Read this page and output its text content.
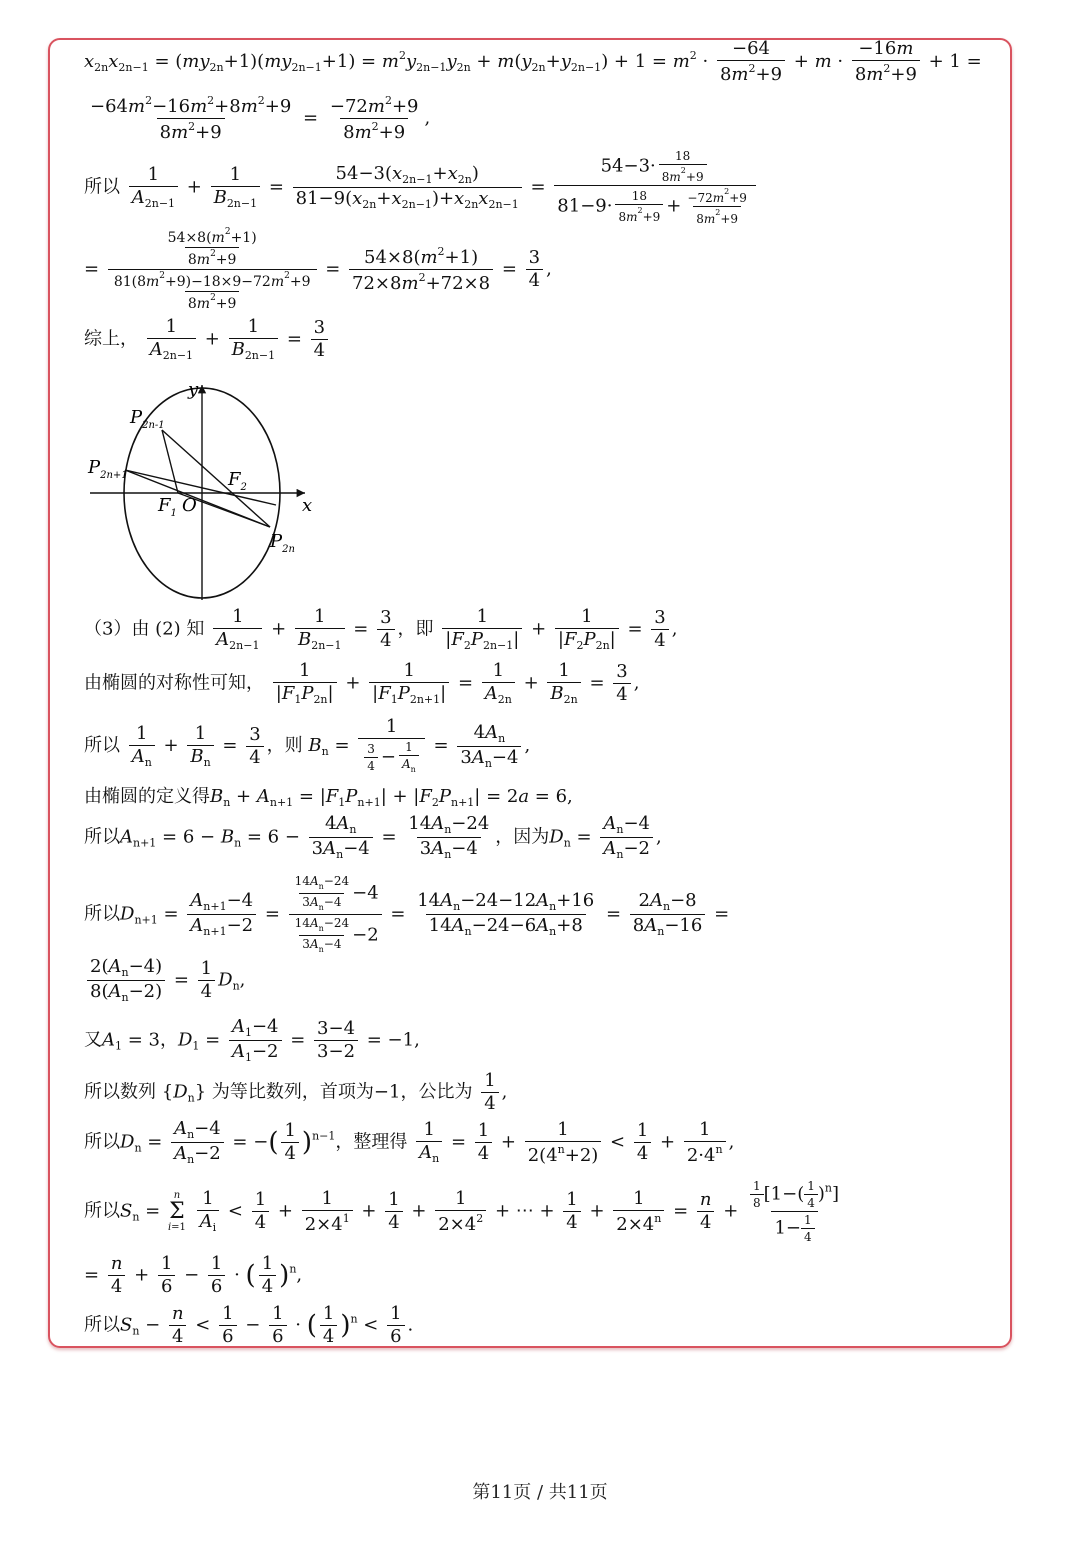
$x_{2n}x_{2n-1} = (my_{2n}+1)(my_{2n-1}+1) = m^2y_{2n-1}y_{2n} + m(y_{2n}+y_{2n-1}) + 1 = m^2 \cdot \frac{-64}{8m^2+9} + m \cdot \frac{-16m}{8m^2+9} + 1$ =
$\frac{-64m^2-16m^2+8m^2+9}{8m^2+9} = \frac{-72m^2+9}{8m^2+9}$ ,
所以 $\frac{1}{A_{2n-1}} + \frac{1}{B_{2n-1}} = \frac{54-3(x_{2n-1}+x_{2n})}{81-9(x_{2n}+x_{2n-1})+x_{2n}x_{2n-1}} = \frac{54-3\cdot \frac{18}{8m^2+9}}{81-9\cdot \frac{18}{8m^2+9} + \frac{-72m^2+9}{8m^2+9}}$
= $\frac{\frac{54\times 8(m^2+1)}{8m^2+9}}{\frac{81(8m^2+9)-18\times 9-72m^2+9}{8m^2+9}} = \frac{54\times 8(m^2+1)}{72\times 8m^2+72\times 8} = \frac{3}{4}$ ,
综上， $\frac{1}{A_{2n-1}} + \frac{1}{B_{2n-1}} = \frac{3}{4}$
y
x
O
$P_{2n-1}$
$P_{2n+1}$
$P_{2n}$
$F_1$
$F_2$
（3）由 (2) 知 $\frac{1}{A_{2n-1}} + \frac{1}{B_{2n-1}} = \frac{3}{4}$ ，即 $\frac{1}{|F_2P_{2n-1}|} + \frac{1}{|F_2P_{2n}|} = \frac{3}{4}$ ,
由椭圆的对称性可知， $\frac{1}{|F_1P_{2n}|} + \frac{1}{|F_1P_{2n+1}|} = \frac{1}{A_{2n}} + \frac{1}{B_{2n}} = \frac{3}{4}$ ,
所以 $\frac{1}{A_n} + \frac{1}{B_n} = \frac{3}{4}$ ，则 $B_n = \frac{1}{\frac{3}{4} - \frac{1}{A_n}} = \frac{4A_n}{3A_n-4}$ ,
由椭圆的定义得$B_n + A_{n+1} = |F_1P_{n+1}| + |F_2P_{n+1}| = 2a = 6$,
所以$A_{n+1} = 6 - B_n = 6 - \frac{4A_n}{3A_n-4} = \frac{14A_n-24}{3A_n-4}$ ，因为$D_n = \frac{A_n-4}{A_n-2}$ ,
所以$D_{n+1} = \frac{A_{n+1}-4}{A_{n+1}-2} = \frac{\frac{14A_n-24}{3A_n-4} -4}{\frac{14A_n-24}{3A_n-4} -2} = \frac{14A_n-24-12A_n+16}{14A_n-24-6A_n+8} = \frac{2A_n-8}{8A_n-16}$ =
$\frac{2(A_n-4)}{8(A_n-2)} = \frac{1}{4} D_n$,
又$A_1 = 3$，$D_1 = \frac{A_1-4}{A_1-2} = \frac{3-4}{3-2} = -1$,
所以数列 $\{D_n\}$ 为等比数列，首项为−1，公比为 $\frac{1}{4}$ ,
所以$D_n = \frac{A_n-4}{A_n-2}$ = −( $\frac{1}{4} )^{n-1}$，整理得 $\frac{1}{A_n} = \frac{1}{4} + \frac{1}{2(4^n+2)} < \frac{1}{4} + \frac{1}{2\cdot 4^n}$ ,
所以$S_n$ =
n
Σ
i=1
$\frac{1}{A_i} < \frac{1}{4} + \frac{1}{2\times 4^1} + \frac{1}{4} + \frac{1}{2\times 4^2}$ + ⋯ + $\frac{1}{4} + \frac{1}{2\times 4^n} = \frac{n}{4} + \frac{\frac{1}{8} [1-( \frac{1}{4} )^n]}{1- \frac{1}{4}}$
= $\frac{n}{4} + \frac{1}{6} - \frac{1}{6}$ · ( $\frac{1}{4} )^n$,
所以$S_n - \frac{n}{4} < \frac{1}{6} - \frac{1}{6}$ · ( $\frac{1}{4} )^n < \frac{1}{6}$ .
第11页 / 共11页
